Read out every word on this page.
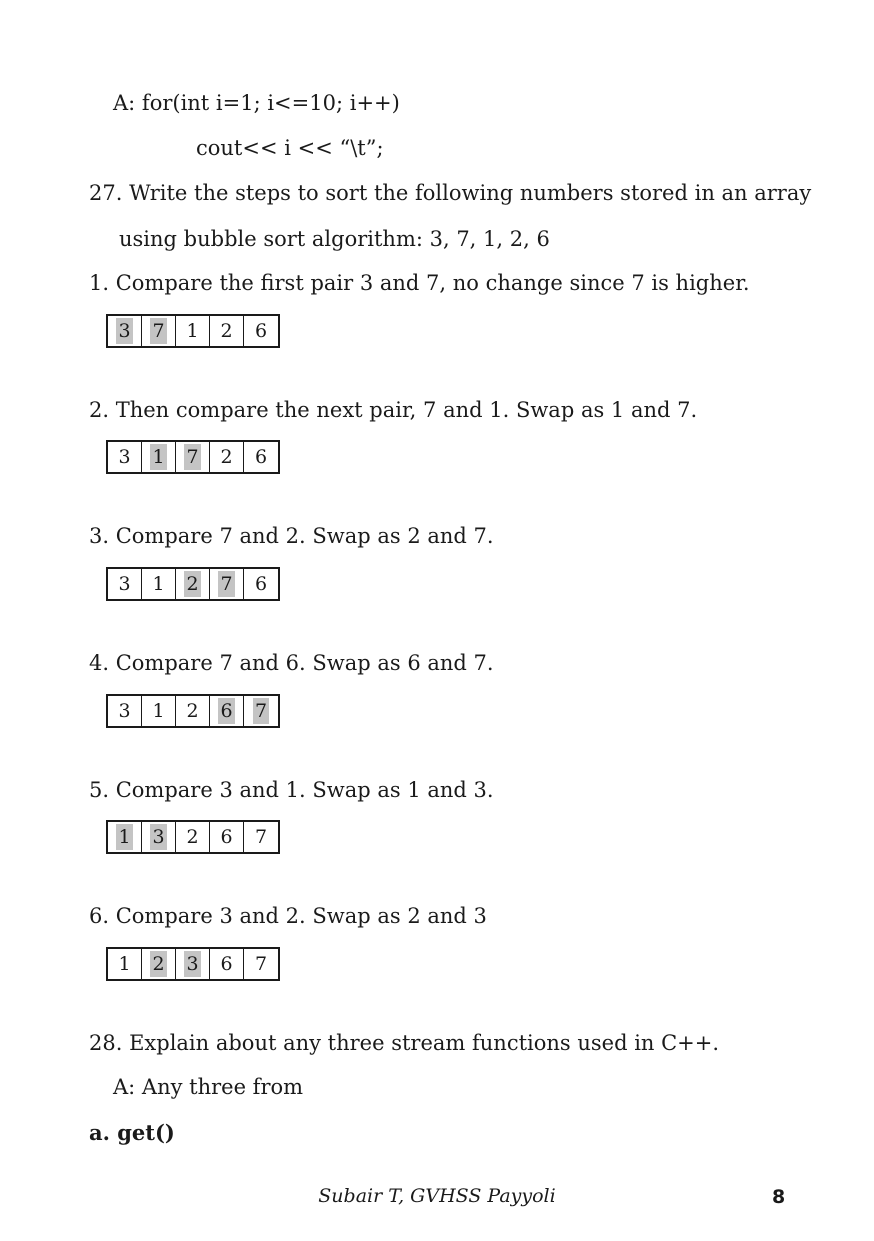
A: for(int i=1; i<=10; i++)
cout<< i << “\t”;
27. Write the steps to sort the following numbers stored in an array
using bubble sort algorithm: 3, 7, 1, 2, 6
1. Compare the first pair 3 and 7, no change since 7 is higher.
3 7 1 2 6
2. Then compare the next pair, 7 and 1. Swap as 1 and 7.
3 1 7 2 6
3. Compare 7 and 2. Swap as 2 and 7.
3 1 2 7 6
4. Compare 7 and 6. Swap as 6 and 7.
3 1 2 6 7
5. Compare 3 and 1. Swap as 1 and 3.
1 3 2 6 7
6. Compare 3 and 2. Swap as 2 and 3
1 2 3 6 7
28. Explain about any three stream functions used in C++.
A: Any three from
a. get()
Subair T, GVHSS Payyoli	8
